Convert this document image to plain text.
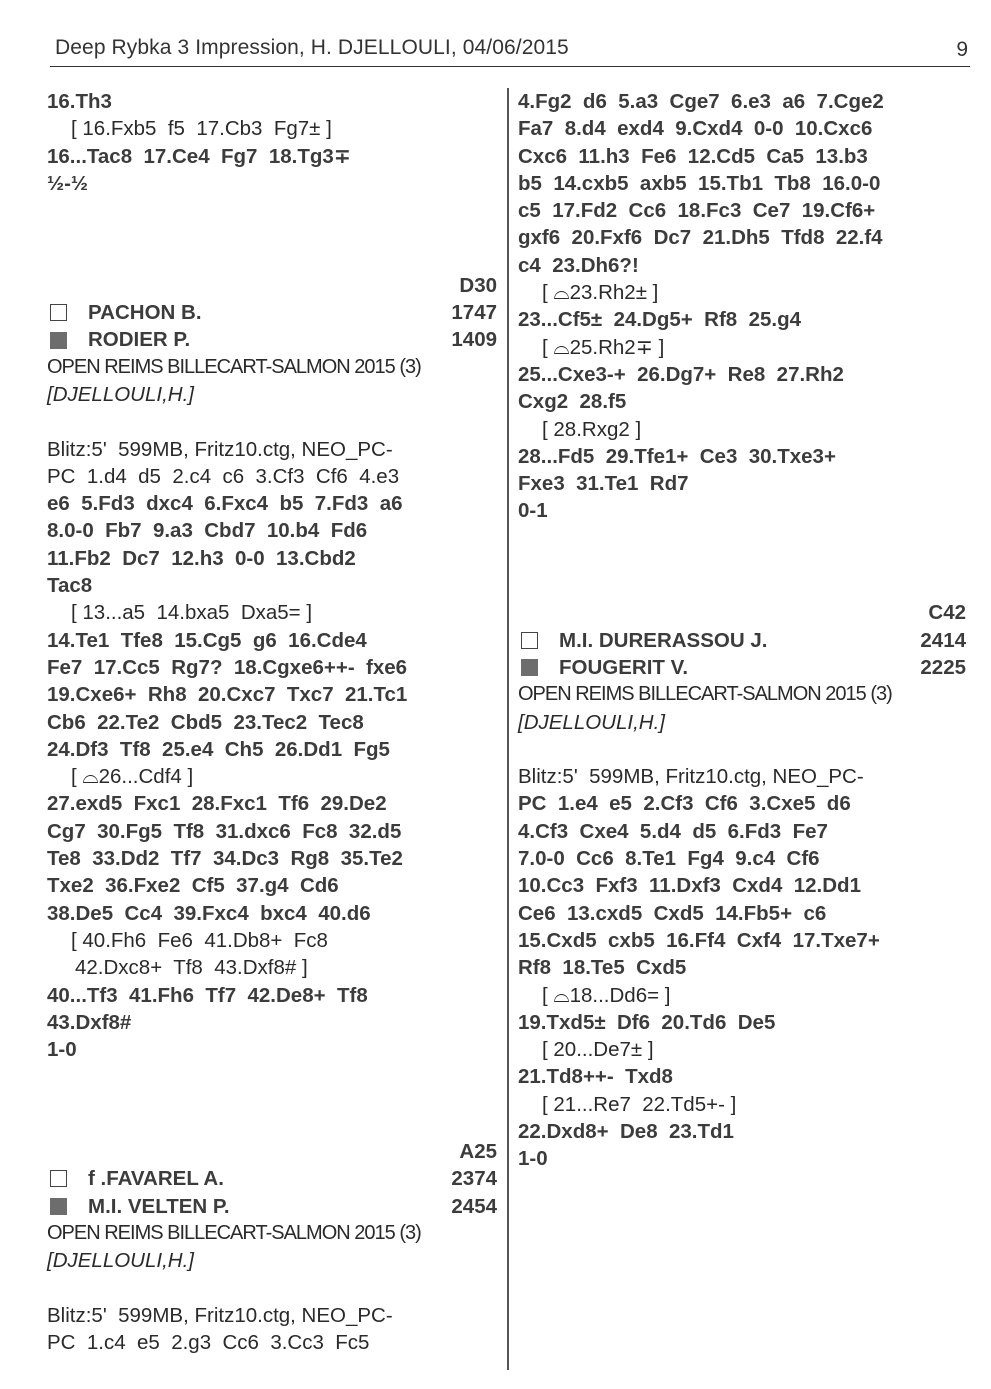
Deep Rybka 3 Impression, H. DJELLOULI, 04/06/2015	9
16.Th3
[ 16.Fxb5  f5  17.Cb3  Fg7± ]
16...Tac8  17.Ce4  Fg7  18.Tg3∓
½-½
D30
PACHON B.	1747
RODIER P.	1409
OPEN REIMS BILLECART-SALMON 2015 (3)
[DJELLOULI,H.]
Blitz:5'  599MB, Fritz10.ctg, NEO_PC-
PC  1.d4  d5  2.c4  c6  3.Cf3  Cf6  4.e3
e6  5.Fd3  dxc4  6.Fxc4  b5  7.Fd3  a6
8.0-0  Fb7  9.a3  Cbd7  10.b4  Fd6
11.Fb2  Dc7  12.h3  0-0  13.Cbd2
Tac8
[ 13...a5  14.bxa5  Dxa5= ]
14.Te1  Tfe8  15.Cg5  g6  16.Cde4
Fe7  17.Cc5  Rg7?  18.Cgxe6++-  fxe6
19.Cxe6+  Rh8  20.Cxc7  Txc7  21.Tc1
Cb6  22.Te2  Cbd5  23.Tec2  Tec8
24.Df3  Tf8  25.e4  Ch5  26.Dd1  Fg5
[ ⌓26...Cdf4 ]
27.exd5  Fxc1  28.Fxc1  Tf6  29.De2
Cg7  30.Fg5  Tf8  31.dxc6  Fc8  32.d5
Te8  33.Dd2  Tf7  34.Dc3  Rg8  35.Te2
Txe2  36.Fxe2  Cf5  37.g4  Cd6
38.De5  Cc4  39.Fxc4  bxc4  40.d6
[ 40.Fh6  Fe6  41.Db8+  Fc8
42.Dxc8+  Tf8  43.Dxf8# ]
40...Tf3  41.Fh6  Tf7  42.De8+  Tf8
43.Dxf8#
1-0
A25
f .FAVAREL A.	2374
M.I. VELTEN P.	2454
OPEN REIMS BILLECART-SALMON 2015 (3)
[DJELLOULI,H.]
Blitz:5'  599MB, Fritz10.ctg, NEO_PC-
PC  1.c4  e5  2.g3  Cc6  3.Cc3  Fc5
4.Fg2  d6  5.a3  Cge7  6.e3  a6  7.Cge2
Fa7  8.d4  exd4  9.Cxd4  0-0  10.Cxc6
Cxc6  11.h3  Fe6  12.Cd5  Ca5  13.b3
b5  14.cxb5  axb5  15.Tb1  Tb8  16.0-0
c5  17.Fd2  Cc6  18.Fc3  Ce7  19.Cf6+
gxf6  20.Fxf6  Dc7  21.Dh5  Tfd8  22.f4
c4  23.Dh6?!
[ ⌓23.Rh2± ]
23...Cf5±  24.Dg5+  Rf8  25.g4
[ ⌓25.Rh2∓ ]
25...Cxe3-+  26.Dg7+  Re8  27.Rh2
Cxg2  28.f5
[ 28.Rxg2 ]
28...Fd5  29.Tfe1+  Ce3  30.Txe3+
Fxe3  31.Te1  Rd7
0-1
C42
M.I. DURERASSOU J.	2414
FOUGERIT V.	2225
OPEN REIMS BILLECART-SALMON 2015 (3)
[DJELLOULI,H.]
Blitz:5'  599MB, Fritz10.ctg, NEO_PC-
PC  1.e4  e5  2.Cf3  Cf6  3.Cxe5  d6
4.Cf3  Cxe4  5.d4  d5  6.Fd3  Fe7
7.0-0  Cc6  8.Te1  Fg4  9.c4  Cf6
10.Cc3  Fxf3  11.Dxf3  Cxd4  12.Dd1
Ce6  13.cxd5  Cxd5  14.Fb5+  c6
15.Cxd5  cxb5  16.Ff4  Cxf4  17.Txe7+
Rf8  18.Te5  Cxd5
[ ⌓18...Dd6= ]
19.Txd5±  Df6  20.Td6  De5
[ 20...De7± ]
21.Td8++-  Txd8
[ 21...Re7  22.Td5+- ]
22.Dxd8+  De8  23.Td1
1-0
